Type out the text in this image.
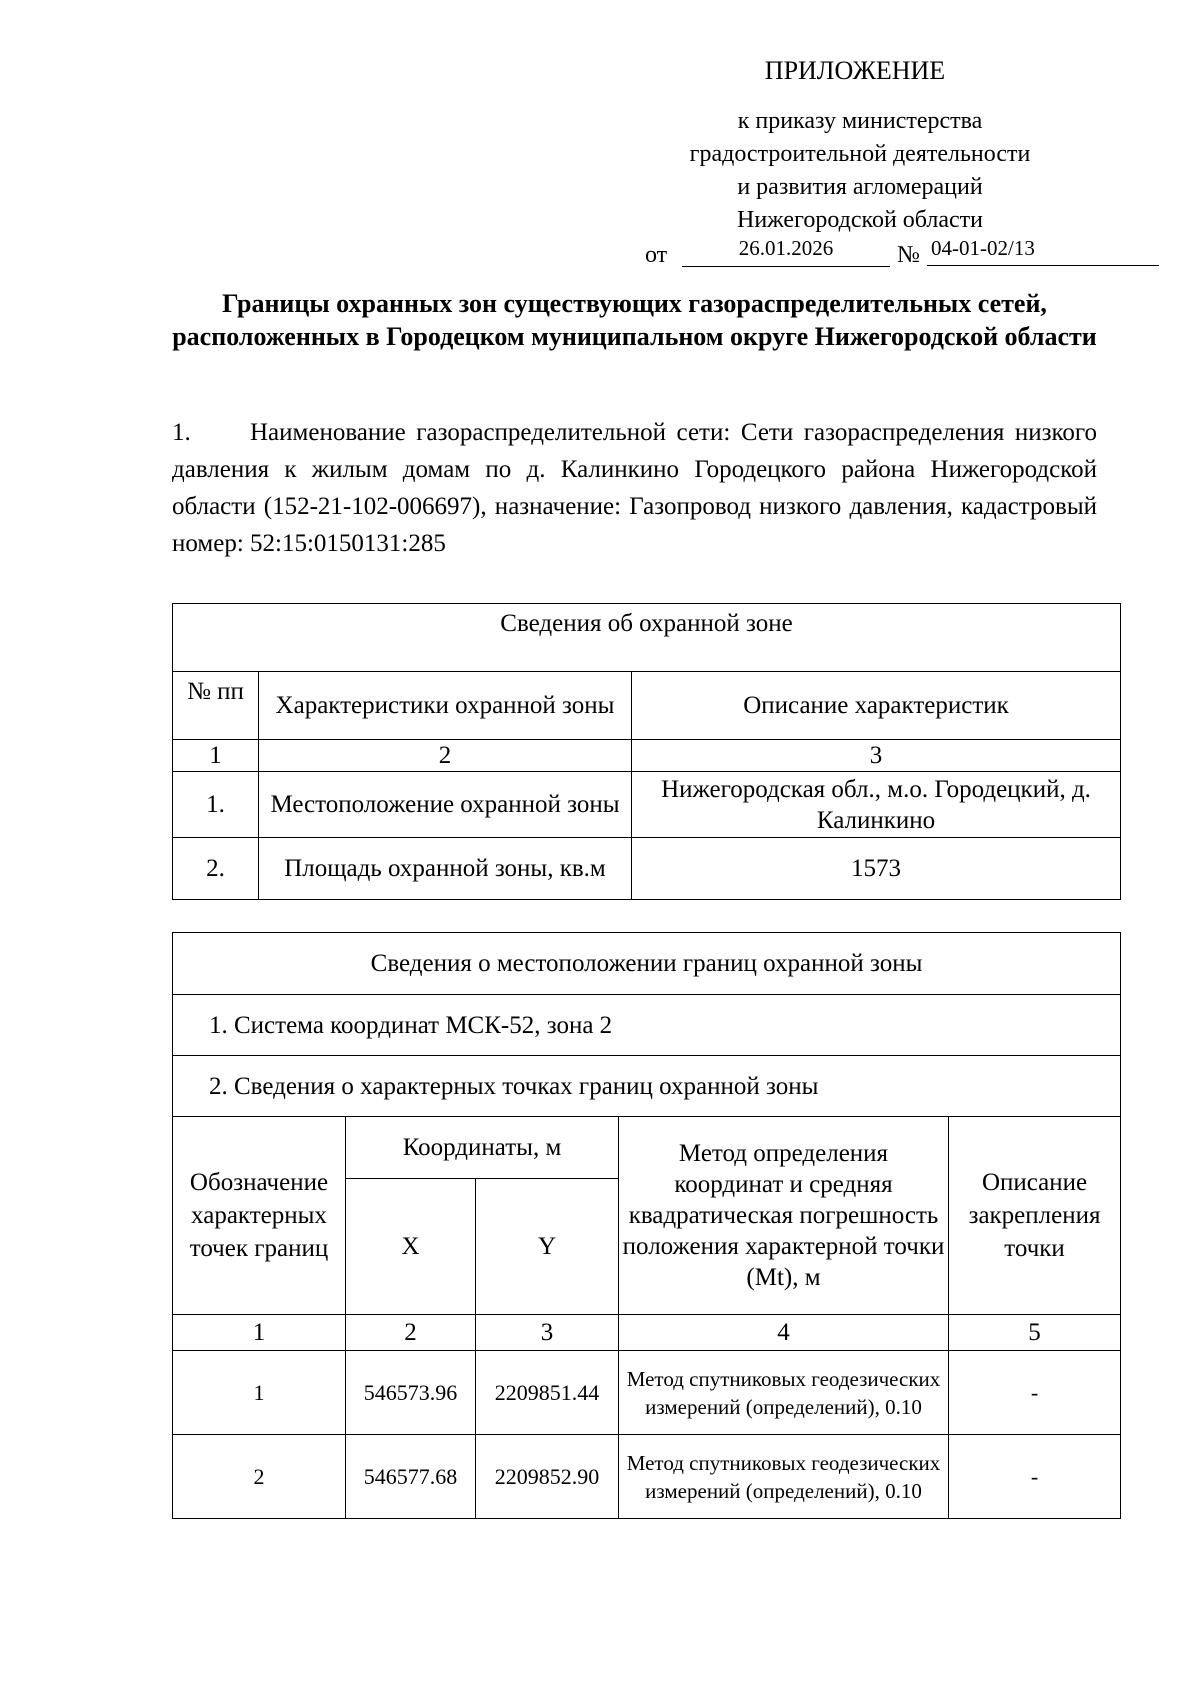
ПРИЛОЖЕНИЕ
к приказу министерства
градостроительной деятельности
и развития агломераций
Нижегородской области
от	26.01.2026	№ 04-01-02/13
Границы охранных зон существующих газораспределительных сетей, расположенных в Городецком муниципальном округе Нижегородской области
1. Наименование газораспределительной сети: Сети газораспределения низкого давления к жилым домам по д. Калинкино Городецкого района Нижегородской области (152-21-102-006697), назначение: Газопровод низкого давления, кадастровый номер: 52:15:0150131:285
Сведения об охранной зоне		
№ пп	Характеристики охранной зоны	Описание характеристик
1	2	3
1.	Местоположение охранной зоны	Нижегородская обл., м.о. Городецкий, д. Калинкино
2.	Площадь охранной зоны, кв.м	1573
Сведения о местоположении границ охранной зоны				
1. Система координат МСК-52, зона 2				
2. Сведения о характерных точках границ охранной зоны				
Обозначение характерных точек границ	Координаты, м		Метод определения координат и средняя квадратическая погрешность положения характерной точки (Mt), м	Описание закрепления точки
	X	Y		
1	2	3	4	5
1	546573.96	2209851.44	Метод спутниковых геодезических измерений (определений), 0.10	-
2	546577.68	2209852.90	Метод спутниковых геодезических измерений (определений), 0.10	-
